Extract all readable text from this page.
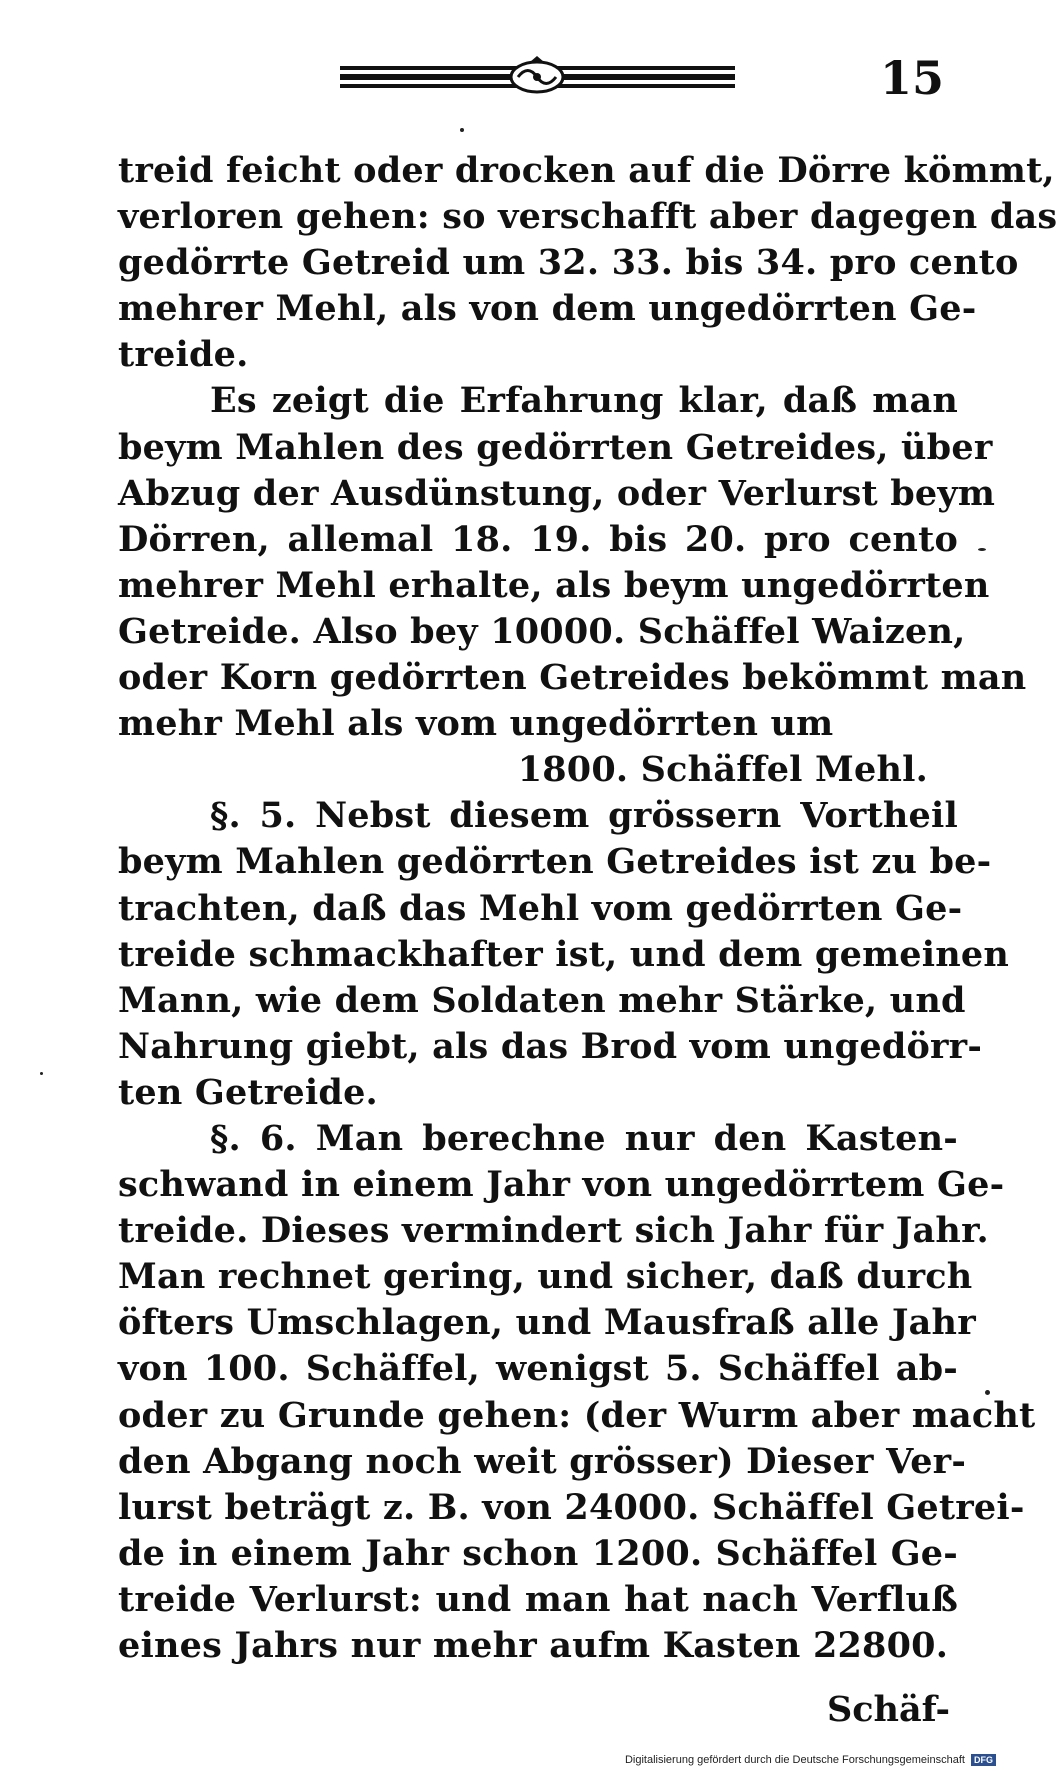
15
treid feicht oder drocken auf die Dörre kömmt,
verloren gehen: so verschafft aber dagegen das
gedörrte Getreid um 32. 33. bis 34. pro cento
mehrer Mehl, als von dem ungedörrten Ge-
treide.
Es zeigt die Erfahrung klar, daß man
beym Mahlen des gedörrten Getreides, über
Abzug der Ausdünstung, oder Verlurst beym
Dörren, allemal 18. 19. bis 20. pro cento
mehrer Mehl erhalte, als beym ungedörrten
Getreide. Also bey 10000. Schäffel Waizen,
oder Korn gedörrten Getreides bekömmt man
mehr Mehl als vom ungedörrten um
1800. Schäffel Mehl.
§. 5. Nebst diesem grössern Vortheil
beym Mahlen gedörrten Getreides ist zu be-
trachten, daß das Mehl vom gedörrten Ge-
treide schmackhafter ist, und dem gemeinen
Mann, wie dem Soldaten mehr Stärke, und
Nahrung giebt, als das Brod vom ungedörr-
ten Getreide.
§. 6. Man berechne nur den Kasten-
schwand in einem Jahr von ungedörrtem Ge-
treide. Dieses vermindert sich Jahr für Jahr.
Man rechnet gering, und sicher, daß durch
öfters Umschlagen, und Mausfraß alle Jahr
von 100. Schäffel, wenigst 5. Schäffel ab-
oder zu Grunde gehen: (der Wurm aber macht
den Abgang noch weit grösser) Dieser Ver-
lurst beträgt z. B. von 24000. Schäffel Getrei-
de in einem Jahr schon 1200. Schäffel Ge-
treide Verlurst: und man hat nach Verfluß
eines Jahrs nur mehr aufm Kasten 22800.
Schäf-
Digitalisierung gefördert durch die Deutsche Forschungsgemeinschaft DFG
